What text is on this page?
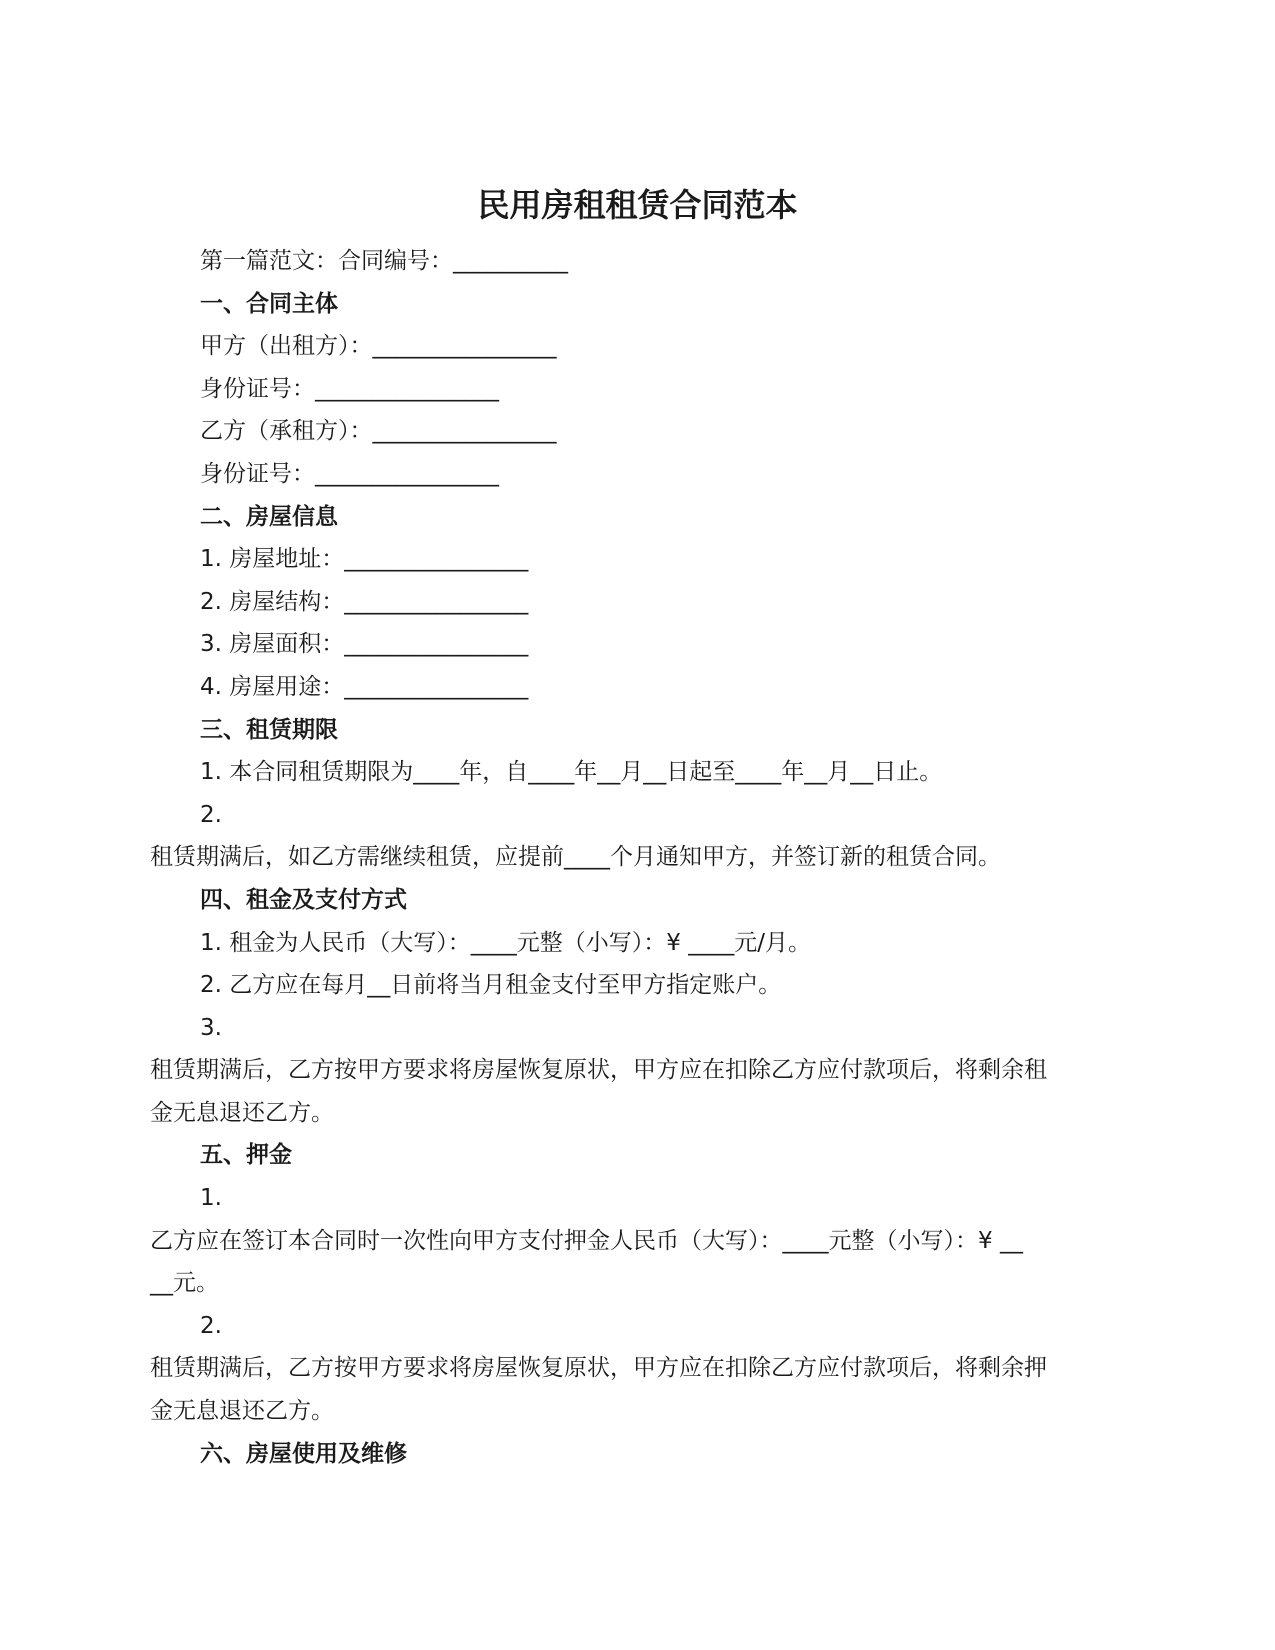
民用房租租赁合同范本

第一篇范文：合同编号：__________

一、合同主体

甲方（出租方）：________________

身份证号：________________

乙方（承租方）：________________

身份证号：________________

二、房屋信息

1. 房屋地址：________________

2. 房屋结构：________________

3. 房屋面积：________________

4. 房屋用途：________________

三、租赁期限

1. 本合同租赁期限为____年，自____年__月__日起至____年__月__日止。

2.

租赁期满后，如乙方需继续租赁，应提前____个月通知甲方，并签订新的租赁合同。

四、租金及支付方式

1. 租金为人民币（大写）：____元整（小写）：¥ ____元/月。

2. 乙方应在每月__日前将当月租金支付至甲方指定账户。

3.

租赁期满后，乙方按甲方要求将房屋恢复原状，甲方应在扣除乙方应付款项后，将剩余租

金无息退还乙方。

五、押金

1.

乙方应在签订本合同时一次性向甲方支付押金人民币（大写）：____元整（小写）：¥ __

__元。

2.

租赁期满后，乙方按甲方要求将房屋恢复原状，甲方应在扣除乙方应付款项后，将剩余押

金无息退还乙方。

六、房屋使用及维修
